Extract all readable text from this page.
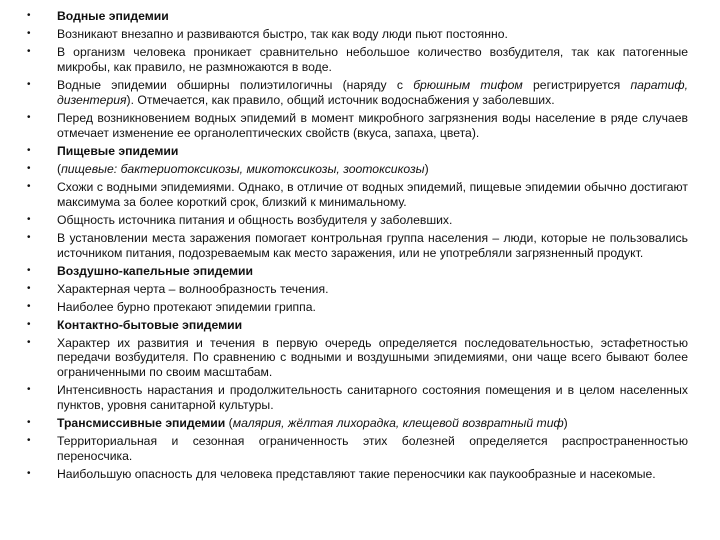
•	Водные эпидемии
•	Возникают внезапно и развиваются быстро, так как воду люди пьют постоянно.
•	В организм человека проникает сравнительно небольшое количество возбудителя, так как патогенные микробы, как правило, не размножаются в воде.
•	Водные эпидемии обширны полиэтилогичны (наряду с брюшным тифом регистрируется паратиф, дизентерия). Отмечается, как правило, общий источник водоснабжения у заболевших.
•	Перед возникновением водных эпидемий в момент микробного загрязнения воды население в ряде случаев отмечает изменение ее органолептических свойств (вкуса, запаха, цвета).
•	Пищевые эпидемии
•	(пищевые: бактериотоксикозы, микотоксикозы, зоотоксикозы)
•	Схожи с водными эпидемиями. Однако, в отличие от водных эпидемий, пищевые эпидемии обычно достигают максимума за более короткий срок, близкий к минимальному.
•	Общность источника питания и общность возбудителя у заболевших.
•	В установлении места заражения помогает контрольная группа населения – люди, которые не пользовались источником питания, подозреваемым как место заражения, или не употребляли загрязненный продукт.
•	Воздушно-капельные эпидемии
•	Характерная черта – волнообразность течения.
•	Наиболее бурно протекают эпидемии гриппа.
•	Контактно-бытовые эпидемии
•	Характер их развития и течения в первую очередь определяется последовательностью, эстафетностью передачи возбудителя. По сравнению с водными и воздушными эпидемиями, они чаще всего бывают более ограниченными по своим масштабам.
•	Интенсивность нарастания и продолжительность санитарного состояния помещения и в целом населенных пунктов, уровня санитарной культуры.
•	Трансмиссивные эпидемии (малярия, жёлтая лихорадка, клещевой возвратный тиф)
•	Территориальная и сезонная ограниченность этих болезней определяется распространенностью переносчика.
•	Наибольшую опасность для человека представляют такие переносчики как паукообразные и насекомые.
